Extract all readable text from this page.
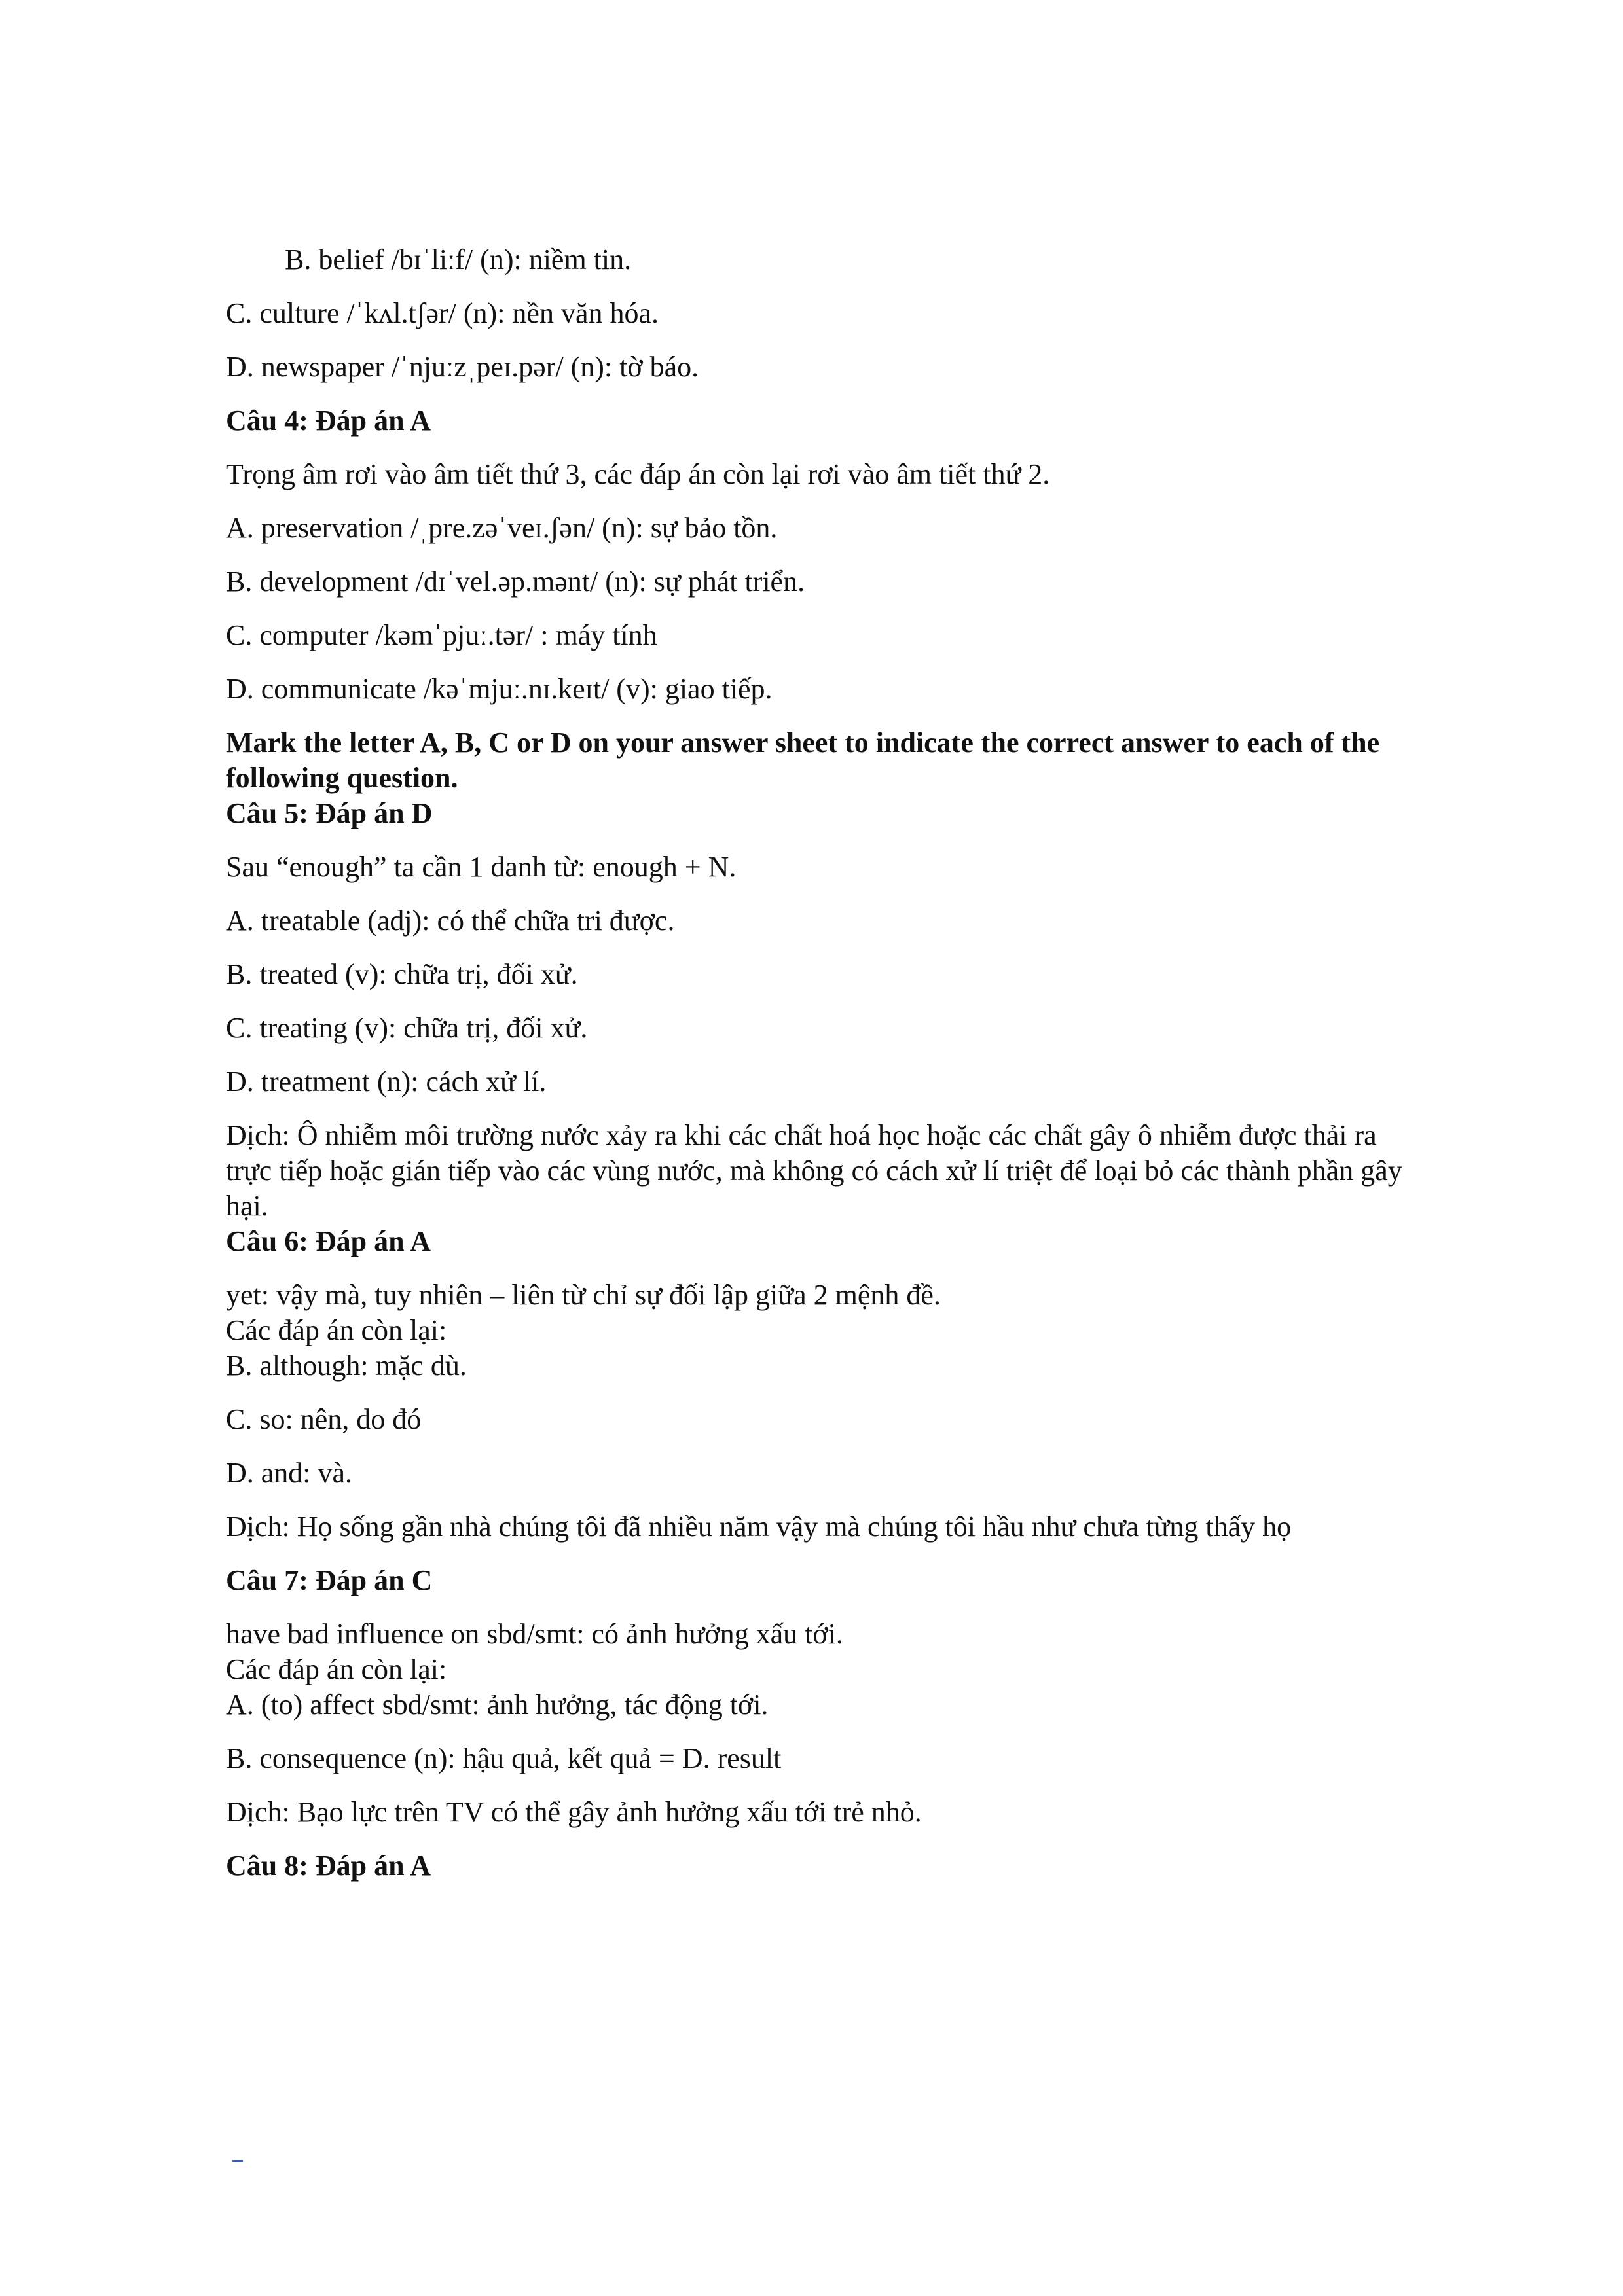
B. belief /bɪˈliːf/ (n): niềm tin.

C. culture /ˈkʌl.tʃər/ (n): nền văn hóa.

D. newspaper /ˈnjuːzˌpeɪ.pər/ (n): tờ báo.

Câu 4: Đáp án A

Trọng âm rơi vào âm tiết thứ 3, các đáp án còn lại rơi vào âm tiết thứ 2.

A. preservation /ˌpre.zəˈveɪ.ʃən/ (n): sự bảo tồn.

B. development /dɪˈvel.əp.mənt/ (n): sự phát triển.

C. computer /kəmˈpjuː.tər/ : máy tính

D. communicate /kəˈmjuː.nɪ.keɪt/ (v): giao tiếp.

Mark the letter A, B, C or D on your answer sheet to indicate the correct answer to each of the following question.

Câu 5: Đáp án D

Sau “enough” ta cần 1 danh từ: enough + N.

A. treatable (adj): có thể chữa tri được.

B. treated (v): chữa trị, đối xử.

C. treating (v): chữa trị, đối xử.

D. treatment (n): cách xử lí.

Dịch: Ô nhiễm môi trường nước xảy ra khi các chất hoá học hoặc các chất gây ô nhiễm được thải ra trực tiếp hoặc gián tiếp vào các vùng nước, mà không có cách xử lí triệt để loại bỏ các thành phần gây hại.

Câu 6: Đáp án A

yet: vậy mà, tuy nhiên – liên từ chỉ sự đối lập giữa 2 mệnh đề.

Các đáp án còn lại:

B. although: mặc dù.

C. so: nên, do đó

D. and: và.

Dịch: Họ sống gần nhà chúng tôi đã nhiều năm vậy mà chúng tôi hầu như chưa từng thấy họ

Câu 7: Đáp án C

have bad influence on sbd/smt: có ảnh hưởng xấu tới.

Các đáp án còn lại:

A. (to) affect sbd/smt: ảnh hưởng, tác động tới.

B. consequence (n): hậu quả, kết quả = D. result

Dịch: Bạo lực trên TV có thể gây ảnh hưởng xấu tới trẻ nhỏ.

Câu 8: Đáp án A
